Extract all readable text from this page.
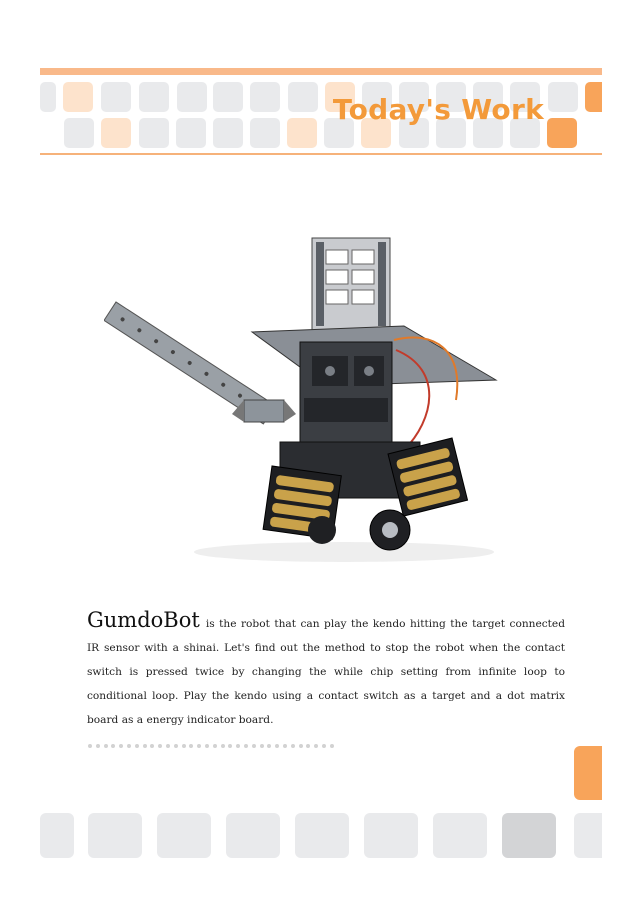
Today's Work
GumdoBot is the robot that can play the kendo hitting the target connected IR sensor with a shinai. Let's find out the method to stop the robot when the contact switch is pressed twice by changing the while chip setting from infinite loop to conditional loop. Play the kendo using a contact switch as a target and a dot matrix board as a energy indicator board.
